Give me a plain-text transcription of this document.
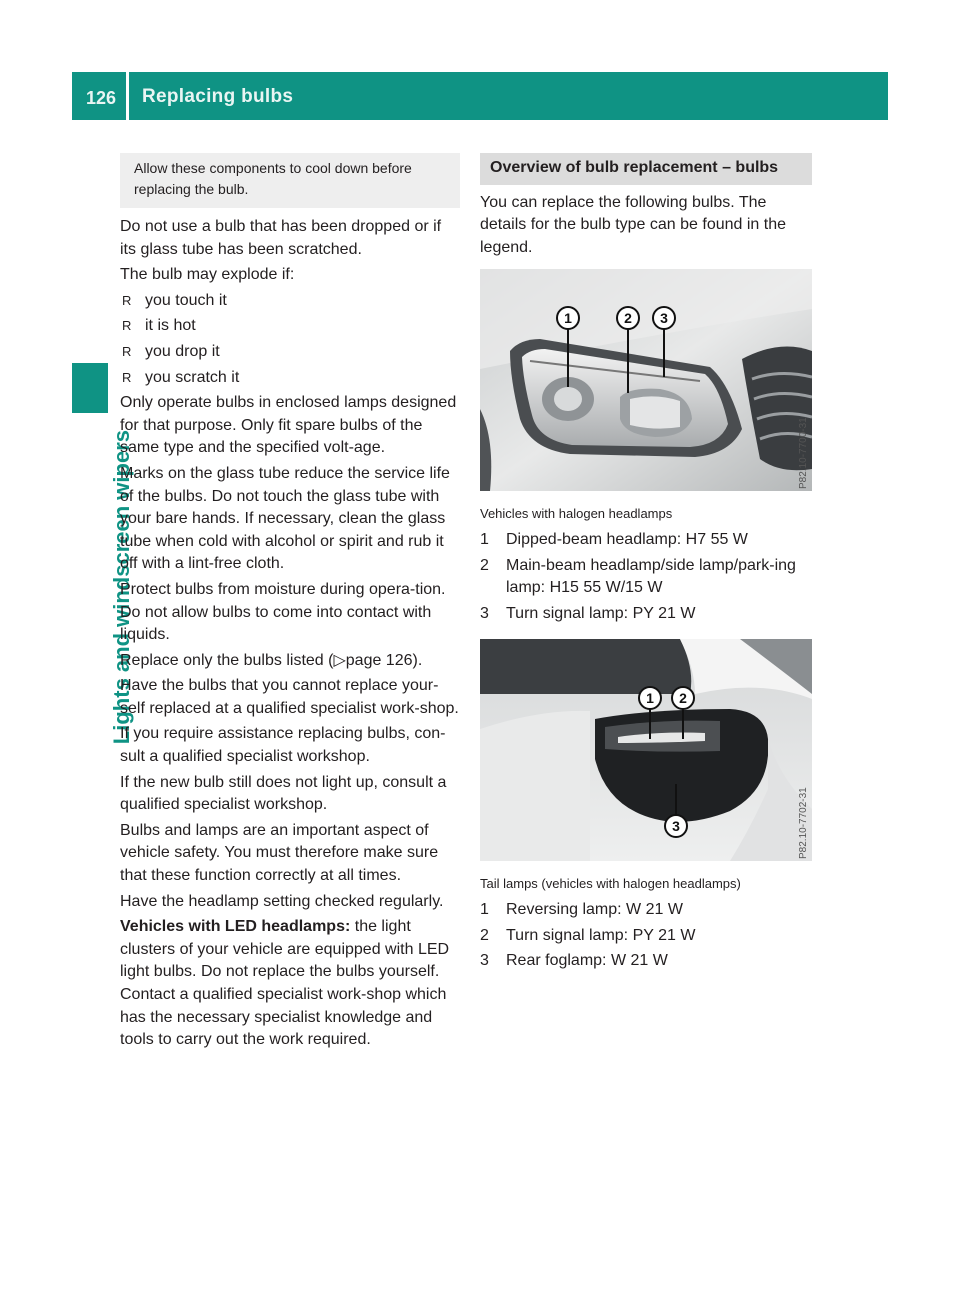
126 Replacing bulbs
Lights and windscreen wipers
Allow these components to cool down before replacing the bulb.

Do not use a bulb that has been dropped or if its glass tube has been scratched.

The bulb may explode if:

R you touch it
R it is hot
R you drop it
R you scratch it

Only operate bulbs in enclosed lamps designed for that purpose. Only fit spare bulbs of the same type and the specified volt-age.

Marks on the glass tube reduce the service life of the bulbs. Do not touch the glass tube with your bare hands. If necessary, clean the glass tube when cold with alcohol or spirit and rub it off with a lint-free cloth.

Protect bulbs from moisture during opera-tion. Do not allow bulbs to come into contact with liquids.

Replace only the bulbs listed (▷page 126).

Have the bulbs that you cannot replace your-self replaced at a qualified specialist work-shop.

If you require assistance replacing bulbs, con-sult a qualified specialist workshop.

If the new bulb still does not light up, consult a qualified specialist workshop.

Bulbs and lamps are an important aspect of vehicle safety. You must therefore make sure that these function correctly at all times.

Have the headlamp setting checked regularly.

Vehicles with LED headlamps: the light clusters of your vehicle are equipped with LED light bulbs. Do not replace the bulbs yourself. Contact a qualified specialist work-shop which has the necessary specialist knowledge and tools to carry out the work required.

Overview of bulb replacement – bulbs

You can replace the following bulbs. The details for the bulb type can be found in the legend.

1	2 3
P82.10-7700-31
Vehicles with halogen headlamps
1	Dipped-beam headlamp: H7 55 W
2	Main-beam headlamp/side lamp/park-ing lamp: H15 55 W/15 W
3	Turn signal lamp: PY 21 W
1 2
3	P82.10-7702-31
Tail lamps (vehicles with halogen headlamps)
1	Reversing lamp: W 21 W
2	Turn signal lamp: PY 21 W
3	Rear foglamp: W 21 W
